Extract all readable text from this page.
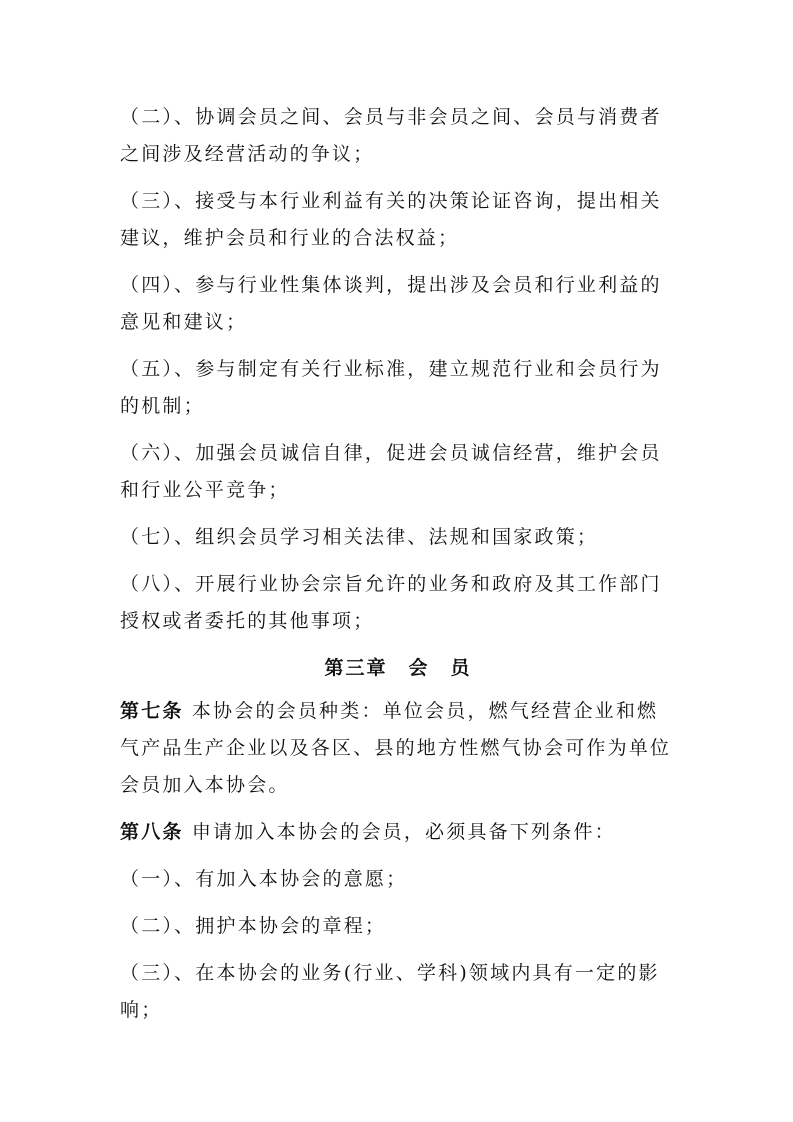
（二）、协调会员之间、会员与非会员之间、会员与消费者之间涉及经营活动的争议；

（三）、接受与本行业利益有关的决策论证咨询，提出相关建议，维护会员和行业的合法权益；

（四）、参与行业性集体谈判，提出涉及会员和行业利益的意见和建议；

（五）、参与制定有关行业标准，建立规范行业和会员行为的机制；

（六）、加强会员诚信自律，促进会员诚信经营，维护会员和行业公平竞争；

（七）、组织会员学习相关法律、法规和国家政策；

（八）、开展行业协会宗旨允许的业务和政府及其工作部门授权或者委托的其他事项；

第三章　会　员

第七条 本协会的会员种类：单位会员，燃气经营企业和燃气产品生产企业以及各区、县的地方性燃气协会可作为单位会员加入本协会。

第八条 申请加入本协会的会员，必须具备下列条件：

（一）、有加入本协会的意愿；

（二）、拥护本协会的章程；

（三）、在本协会的业务(行业、学科)领域内具有一定的影响；
